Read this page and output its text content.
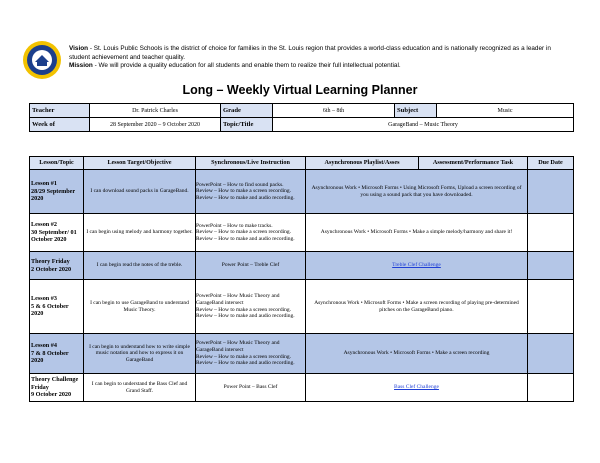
Vision - St. Louis Public Schools is the district of choice for families in the St. Louis region that provides a world-class education and is nationally recognized as a leader in student achievement and teacher quality.
Mission - We will provide a quality education for all students and enable them to realize their full intellectual potential.
Long – Weekly Virtual Learning Planner
Teacher	Dr. Patrick Charles	Grade	6th – 8th	Subject	Music
Week of	28 September 2020 – 9 October 2020	Topic/Title	GarageBand – Music Theory		
Lesson/Topic	Lesson Target/Objective	Synchronous/Live Instruction	Asynchronous Playlist/Asses	Assessment/Performance Task	Due Date
Lesson #1
28/29 September 2020	I can download sound packs in GarageBand.	PowerPoint – How to find sound packs.
Review – How to make a screen recording.
Review – How to make and audio recording.	Asynchronous Work • Microsoft Forms • Using Microsoft Forms, Upload a screen recording of you using a sound pack that you have downloaded.		
Lesson #2
30 September/ 01 October 2020	I can begin using melody and harmony together.	PowerPoint – How to make tracks.
Review – How to make a screen recording.
Review – How to make and audio recording.	Asynchronous Work • Microsoft Forms • Make a simple melody/harmony and share it!		
Theory Friday
2 October 2020	I can begin read the notes of the treble.	Power Point – Treble Clef	Treble Clef Challenge		
Lesson #3
5 & 6 October 2020	I can begin to use GarageBand to understand Music Theory.	PowerPoint – How Music Theory and GarageBand intersect
Review – How to make a screen recording.
Review – How to make and audio recording.	Asynchronous Work • Microsoft Forms • Make a screen recording of playing pre-determined pitches on the GarageBand piano.		
Lesson #4
7 & 8 October 2020	I can begin to understand how to write simple music notation and how to express it on GarageBand	PowerPoint – How Music Theory and GarageBand intersect
Review – How to make a screen recording.
Review – How to make and audio recording.	Asynchronous Work • Microsoft Forms • Make a screen recording		
Theory Challenge Friday
9 October 2020	I can begin to understand the Bass Clef and Grand Staff.	Power Point – Bass Clef	Bass Clef Challenge		
